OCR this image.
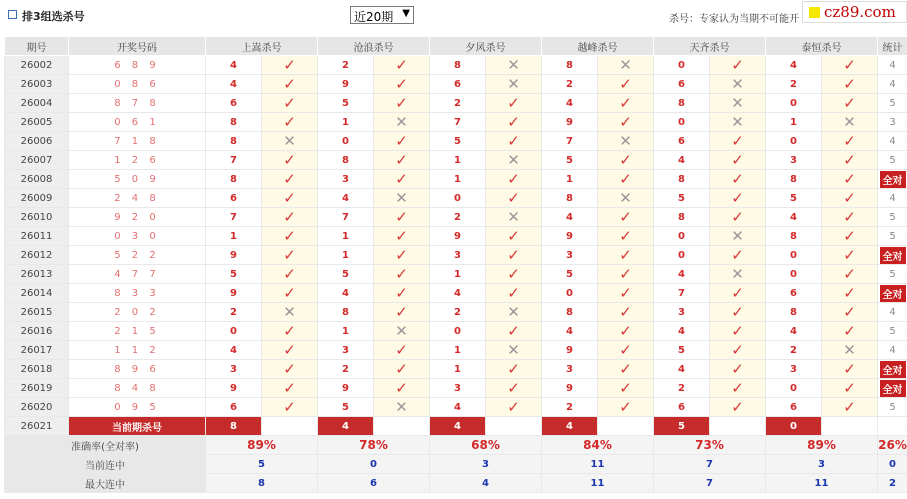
排3组选杀号	近20期 ▼
杀号：专家认为当期不可能开 cz89.com
期号	开奖号码	上嵩杀号		沧浪杀号		夕风杀号		越峰杀号		天齐杀号		泰恒杀号		统计
26002	6 8 9	4	✓	2	✓	8	✕	8	✕	0	✓	4	✓	4
26003	0 8 6	4	✓	9	✓	6	✕	2	✓	6	✕	2	✓	4
26004	8 7 8	6	✓	5	✓	2	✓	4	✓	8	✕	0	✓	5
26005	0 6 1	8	✓	1	✕	7	✓	9	✓	0	✕	1	✕	3
26006	7 1 8	8	✕	0	✓	5	✓	7	✕	6	✓	0	✓	4
26007	1 2 6	7	✓	8	✓	1	✕	5	✓	4	✓	3	✓	5
26008	5 0 9	8	✓	3	✓	1	✓	1	✓	8	✓	8	✓	全对
26009	2 4 8	6	✓	4	✕	0	✓	8	✕	5	✓	5	✓	4
26010	9 2 0	7	✓	7	✓	2	✕	4	✓	8	✓	4	✓	5
26011	0 3 0	1	✓	1	✓	9	✓	9	✓	0	✕	8	✓	5
26012	5 2 2	9	✓	1	✓	3	✓	3	✓	0	✓	0	✓	全对
26013	4 7 7	5	✓	5	✓	1	✓	5	✓	4	✕	0	✓	5
26014	8 3 3	9	✓	4	✓	4	✓	0	✓	7	✓	6	✓	全对
26015	2 0 2	2	✕	8	✓	2	✕	8	✓	3	✓	8	✓	4
26016	2 1 5	0	✓	1	✕	0	✓	4	✓	4	✓	4	✓	5
26017	1 1 2	4	✓	3	✓	1	✕	9	✓	5	✓	2	✕	4
26018	8 9 6	3	✓	2	✓	1	✓	3	✓	4	✓	3	✓	全对
26019	8 4 8	9	✓	9	✓	3	✓	9	✓	2	✓	0	✓	全对
26020	0 9 5	6	✓	5	✕	4	✓	2	✓	6	✓	6	✓	5
26021	当前期杀号	8		4		4		4		5		0		
准确率(全对率)		89%		78%		68%		84%		73%		89%		26%
当前连中		5		0		3		11		7		3		0
最大连中		8		6		4		11		7		11		2
